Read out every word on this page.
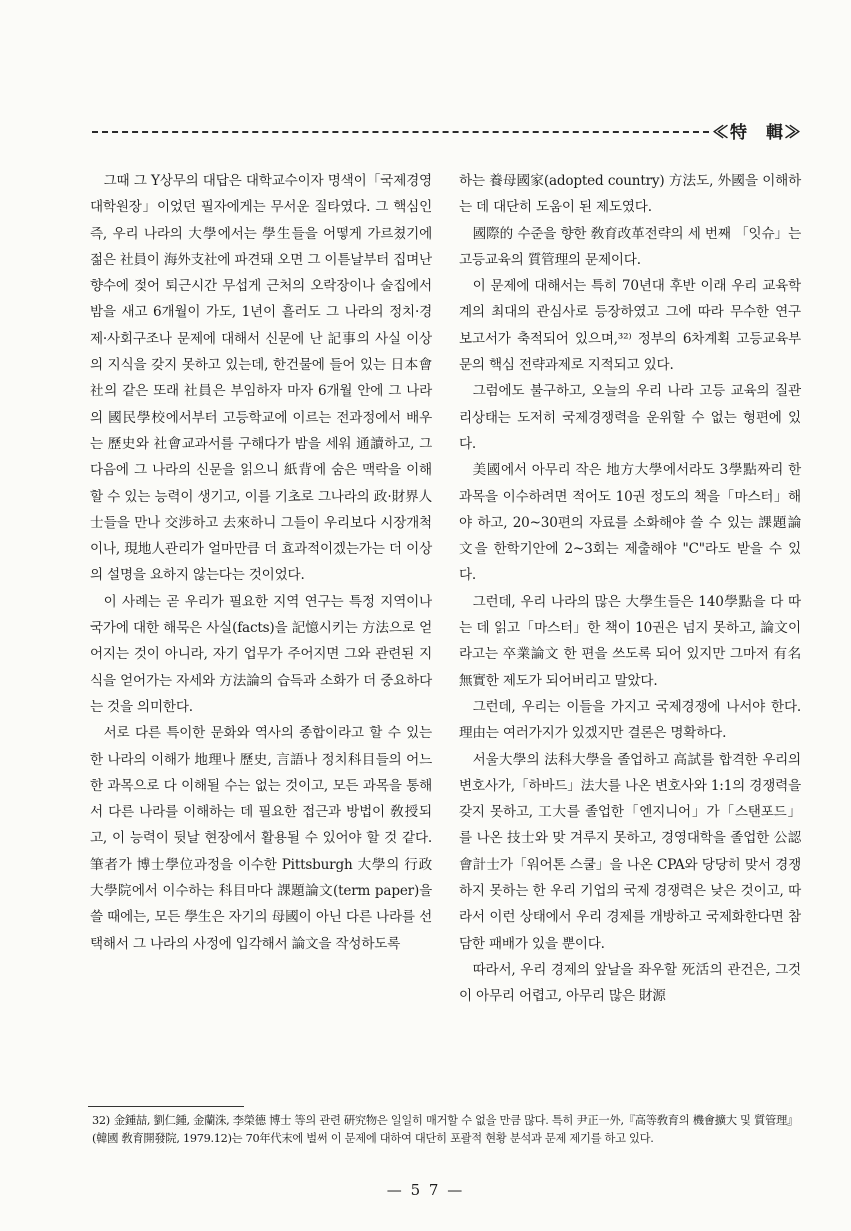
≪特　輯≫

그때 그 Y상무의 대답은 대학교수이자 명색이「국제경영대학원장」이었던 필자에게는 무서운 질타였다. 그 핵심인즉, 우리 나라의 大學에서는 學生들을 어떻게 가르쳤기에 젊은 社員이 海外支社에 파견돼 오면 그 이튿날부터 집며난 향수에 젖어 퇴근시간 무섭게 근처의 오락장이나 술집에서 밤을 새고 6개월이 가도, 1년이 흘러도 그 나라의 정치·경제·사회구조나 문제에 대해서 신문에 난 記事의 사실 이상의 지식을 갖지 못하고 있는데, 한건물에 들어 있는 日本會社의 같은 또래 社員은 부임하자 마자 6개월 안에 그 나라의 國民學校에서부터 고등학교에 이르는 전과정에서 배우는 歷史와 社會교과서를 구해다가 밤을 세워 通讀하고, 그 다음에 그 나라의 신문을 읽으니 紙背에 숨은 맥락을 이해할 수 있는 능력이 생기고, 이를 기초로 그나라의 政·財界人士들을 만나 交涉하고 去來하니 그들이 우리보다 시장개척이나, 現地人관리가 얼마만큼 더 효과적이겠는가는 더 이상의 설명을 요하지 않는다는 것이었다.

이 사례는 곧 우리가 필요한 지역 연구는 특정 지역이나 국가에 대한 해묵은 사실(facts)을 記憶시키는 方法으로 얻어지는 것이 아니라, 자기 업무가 주어지면 그와 관련된 지식을 얻어가는 자세와 方法論의 습득과 소화가 더 중요하다는 것을 의미한다.

서로 다른 특이한 문화와 역사의 종합이라고 할 수 있는 한 나라의 이해가 地理나 歷史, 言語나 정치科目들의 어느 한 과목으로 다 이해될 수는 없는 것이고, 모든 과목을 통해서 다른 나라를 이해하는 데 필요한 접근과 방법이 敎授되고, 이 능력이 뒷날 현장에서 활용될 수 있어야 할 것 같다. 筆者가 博士學位과정을 이수한 Pittsburgh 大學의 行政大學院에서 이수하는 科目마다 課題論文(term paper)을 쓸 때에는, 모든 學生은 자기의 母國이 아닌 다른 나라를 선택해서 그 나라의 사정에 입각해서 論文을 작성하도록

하는 養母國家(adopted country) 方法도, 外國을 이해하는 데 대단히 도움이 된 제도였다.

國際的 수준을 향한 敎育改革전략의 세 번째 「잇슈」는 고등교육의 質管理의 문제이다.

이 문제에 대해서는 특히 70년대 후반 이래 우리 교육학계의 최대의 관심사로 등장하였고 그에 따라 무수한 연구 보고서가 축적되어 있으며,³²⁾ 정부의 6차계획 고등교육부문의 핵심 전략과제로 지적되고 있다.

그럼에도 불구하고, 오늘의 우리 나라 고등 교육의 질관리상태는 도저히 국제경쟁력을 운위할 수 없는 형편에 있다.

美國에서 아무리 작은 地方大學에서라도 3學點짜리 한과목을 이수하려면 적어도 10권 정도의 책을「마스터」해야 하고, 20~30편의 자료를 소화해야 쓸 수 있는 課題論文을 한학기안에 2~3회는 제출해야 "C"라도 받을 수 있다.

그런데, 우리 나라의 많은 大學生들은 140學點을 다 따는 데 읽고「마스터」한 책이 10권은 넘지 못하고, 論文이라고는 卒業論文 한 편을 쓰도록 되어 있지만 그마저 有名無實한 제도가 되어버리고 말았다.

그런데, 우리는 이들을 가지고 국제경쟁에 나서야 한다. 理由는 여러가지가 있겠지만 결론은 명확하다.

서울大學의 法科大學을 졸업하고 高試를 합격한 우리의 변호사가,「하바드」法大를 나온 변호사와 1:1의 경쟁력을 갖지 못하고, 工大를 졸업한「엔지니어」가「스탠포드」를 나온 技士와 맞 겨루지 못하고, 경영대학을 졸업한 公認會計士가「워어톤 스쿨」을 나온 CPA와 당당히 맞서 경쟁하지 못하는 한 우리 기업의 국제 경쟁력은 낮은 것이고, 따라서 이런 상태에서 우리 경제를 개방하고 국제화한다면 참담한 패배가 있을 뿐이다.

따라서, 우리 경제의 앞날을 좌우할 死活의 관건은, 그것이 아무리 어렵고, 아무리 많은 財源

32) 金鍾喆, 劉仁鍾, 金蘭洙, 李榮德 博士 等의 관련 硏究物은 일일히 매거할 수 없을 만큼 많다. 특히 尹正一外,『高等敎育의 機會擴大 및 質管理』(韓國 敎育開發院, 1979.12)는 70年代末에 벌써 이 문제에 대하여 대단히 포괄적 현황 분석과 문제 제기를 하고 있다.
— 5 7 —
